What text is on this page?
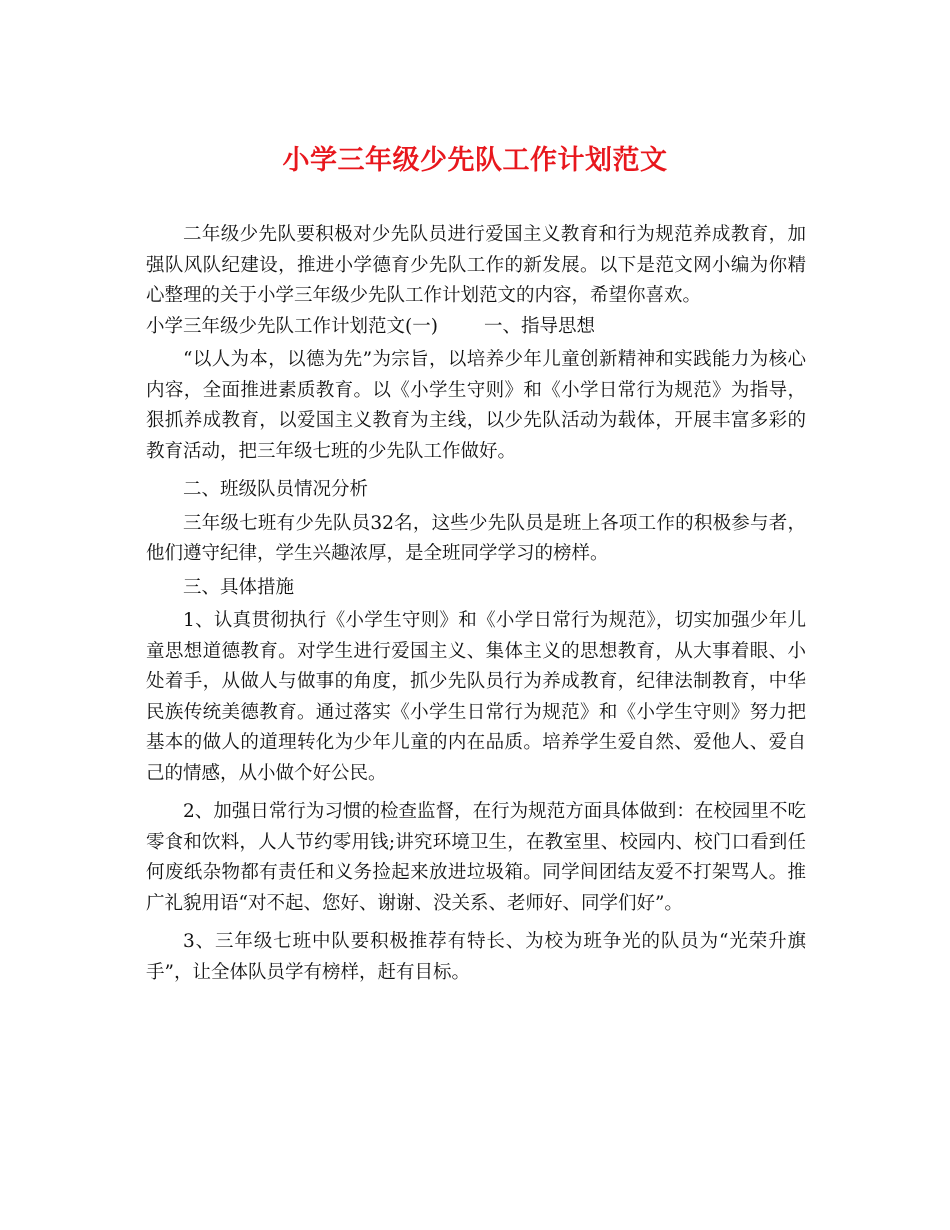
小学三年级少先队工作计划范文

二年级少先队要积极对少先队员进行爱国主义教育和行为规范养成教育，加强队风队纪建设，推进小学德育少先队工作的新发展。以下是范文网小编为你精心整理的关于小学三年级少先队工作计划范文的内容，希望你喜欢。

小学三年级少先队工作计划范文(一) 一、指导思想

“以人为本，以德为先”为宗旨，以培养少年儿童创新精神和实践能力为核心内容，全面推进素质教育。以《小学生守则》和《小学日常行为规范》为指导，狠抓养成教育，以爱国主义教育为主线，以少先队活动为载体，开展丰富多彩的教育活动，把三年级七班的少先队工作做好。

二、班级队员情况分析

三年级七班有少先队员32名，这些少先队员是班上各项工作的积极参与者，他们遵守纪律，学生兴趣浓厚，是全班同学学习的榜样。

三、具体措施

1、认真贯彻执行《小学生守则》和《小学日常行为规范》，切实加强少年儿童思想道德教育。对学生进行爱国主义、集体主义的思想教育，从大事着眼、小处着手，从做人与做事的角度，抓少先队员行为养成教育，纪律法制教育，中华民族传统美德教育。通过落实《小学生日常行为规范》和《小学生守则》努力把基本的做人的道理转化为少年儿童的内在品质。培养学生爱自然、爱他人、爱自己的情感，从小做个好公民。

2、加强日常行为习惯的检查监督，在行为规范方面具体做到：在校园里不吃零食和饮料，人人节约零用钱;讲究环境卫生，在教室里、校园内、校门口看到任何废纸杂物都有责任和义务捡起来放进垃圾箱。同学间团结友爱不打架骂人。推广礼貌用语“对不起、您好、谢谢、没关系、老师好、同学们好”。

3、三年级七班中队要积极推荐有特长、为校为班争光的队员为“光荣升旗手”，让全体队员学有榜样，赶有目标。
